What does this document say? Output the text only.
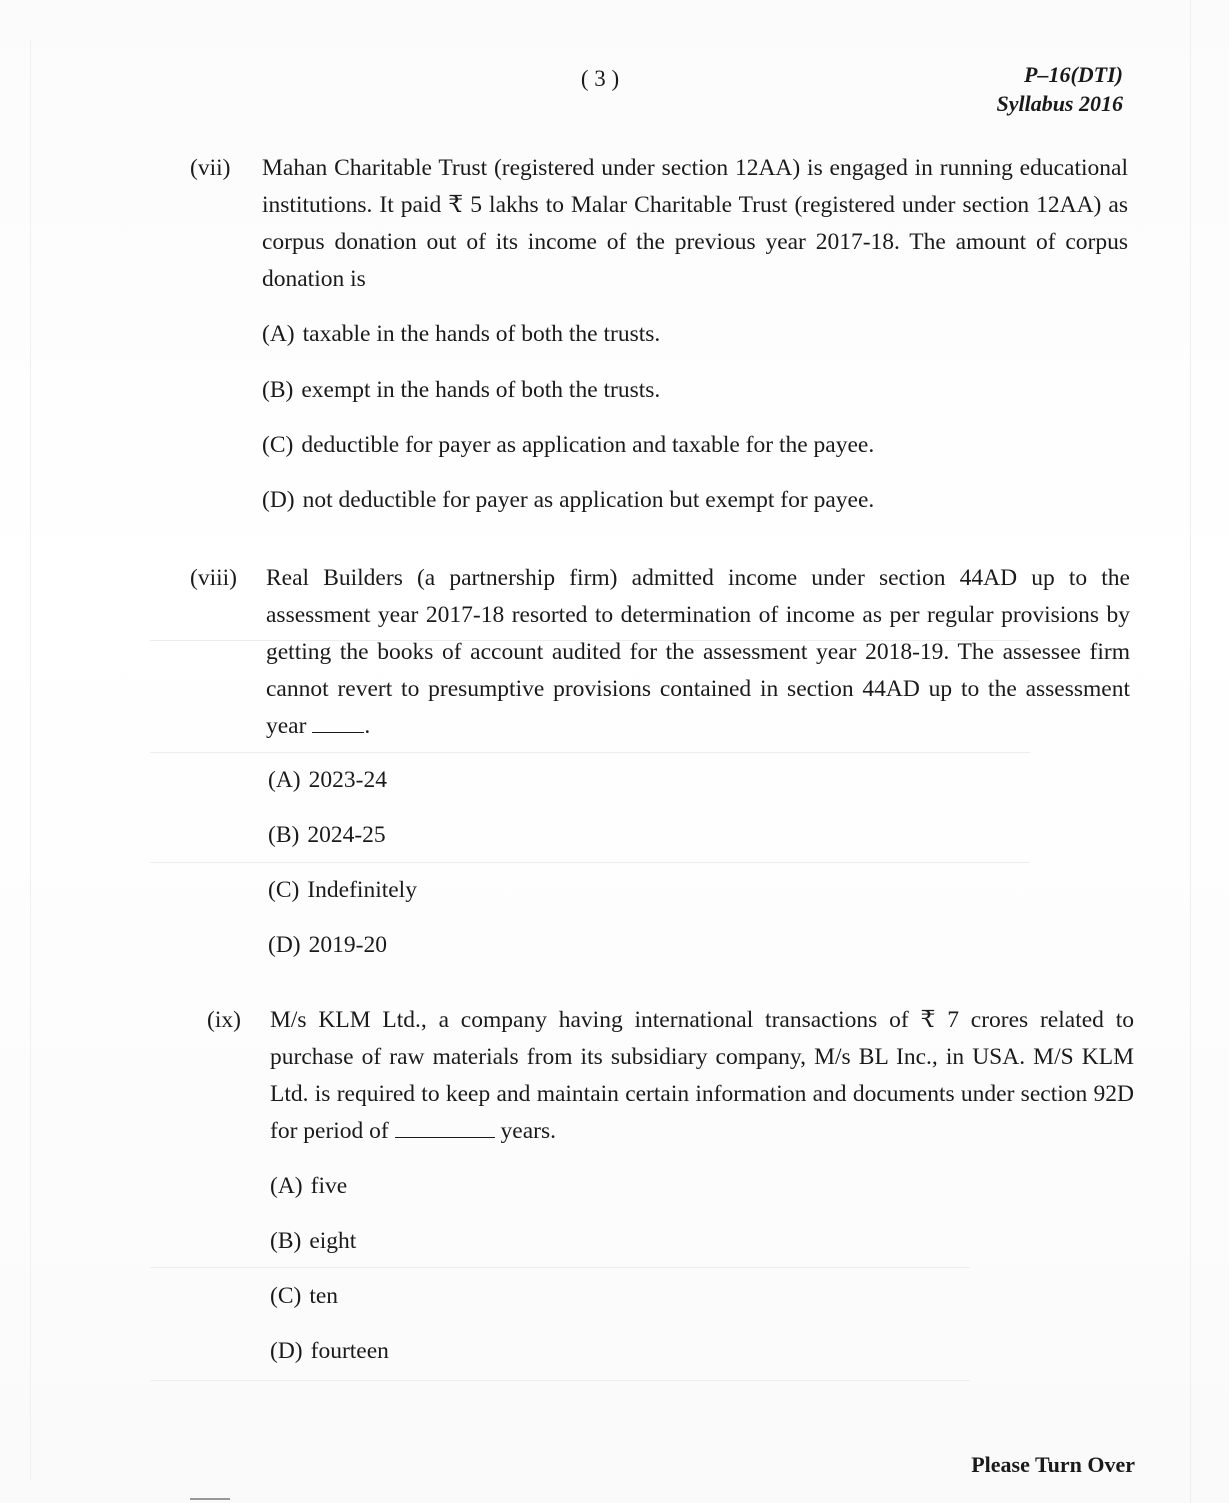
( 3 )	P–16(DTI)
Syllabus 2016
(vii) Mahan Charitable Trust (registered under section 12AA) is engaged in running educational institutions. It paid ₹ 5 lakhs to Malar Charitable Trust (registered under section 12AA) as corpus donation out of its income of the previous year 2017-18. The amount of corpus donation is
(A) taxable in the hands of both the trusts.
(B) exempt in the hands of both the trusts.
(C) deductible for payer as application and taxable for the payee.
(D) not deductible for payer as application but exempt for payee.
(viii) Real Builders (a partnership firm) admitted income under section 44AD up to the assessment year 2017-18 resorted to determination of income as per regular provisions by getting the books of account audited for the assessment year 2018-19. The assessee firm cannot revert to presumptive provisions contained in section 44AD up to the assessment year .
(A) 2023-24
(B) 2024-25
(C) Indefinitely
(D) 2019-20
(ix) M/s KLM Ltd., a company having international transactions of ₹ 7 crores related to purchase of raw materials from its subsidiary company, M/s BL Inc., in USA. M/S KLM Ltd. is required to keep and maintain certain information and documents under section 92D for period of	years.
(A) five
(B) eight
(C) ten
(D) fourteen
Please Turn Over
